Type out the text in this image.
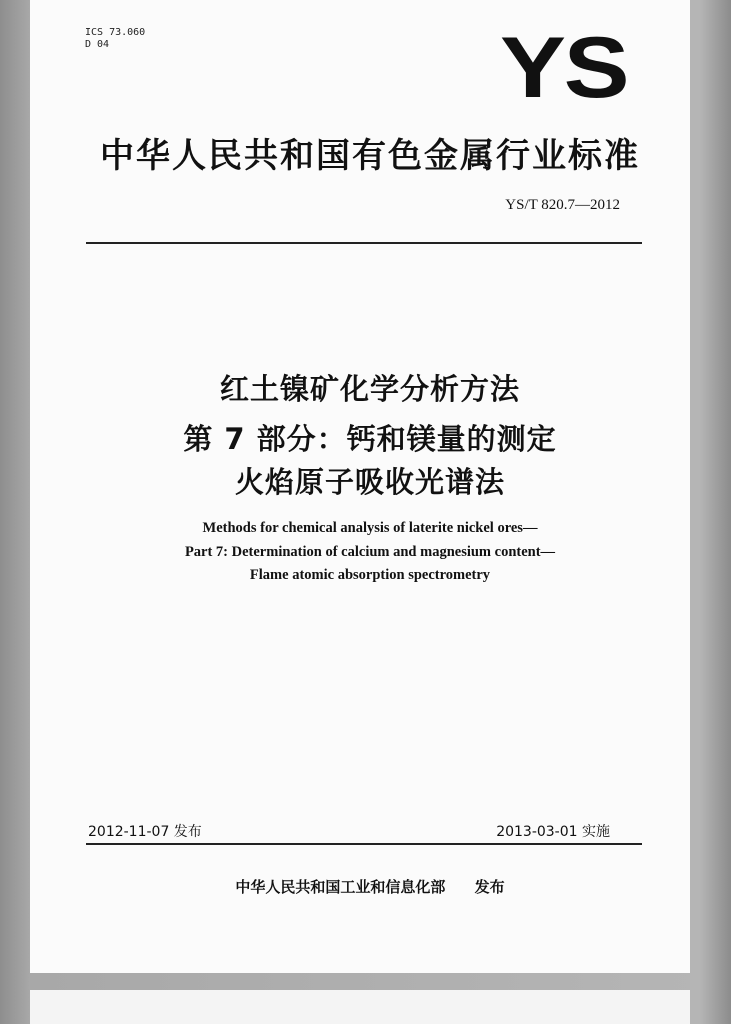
ICS 73.060
D 04	YS
中华人民共和国有色金属行业标准
YS/T 820.7—2012
红土镍矿化学分析方法
第 7 部分：钙和镁量的测定
火焰原子吸收光谱法
Methods for chemical analysis of laterite nickel ores—
Part 7: Determination of calcium and magnesium content—
Flame atomic absorption spectrometry
2012-11-07 发布	2013-03-01 实施
中华人民共和国工业和信息化部 发布
